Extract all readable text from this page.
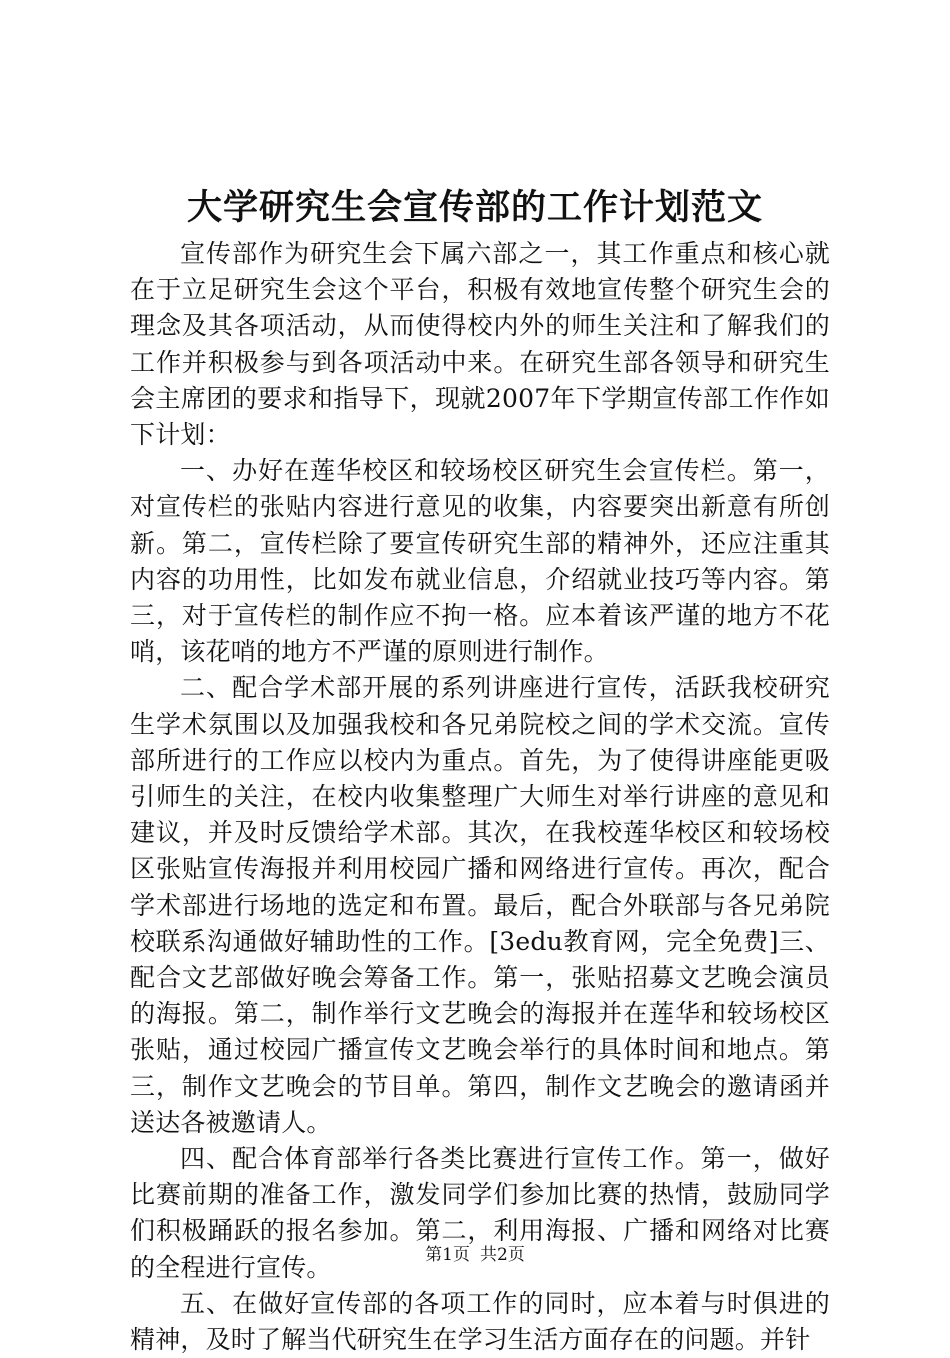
大学研究生会宣传部的工作计划范文

宣传部作为研究生会下属六部之一，其工作重点和核心就在于立足研究生会这个平台，积极有效地宣传整个研究生会的理念及其各项活动，从而使得校内外的师生关注和了解我们的工作并积极参与到各项活动中来。在研究生部各领导和研究生会主席团的要求和指导下，现就2007年下学期宣传部工作作如下计划：

一、办好在莲华校区和较场校区研究生会宣传栏。第一，对宣传栏的张贴内容进行意见的收集，内容要突出新意有所创新。第二，宣传栏除了要宣传研究生部的精神外，还应注重其内容的功用性，比如发布就业信息，介绍就业技巧等内容。第三，对于宣传栏的制作应不拘一格。应本着该严谨的地方不花哨，该花哨的地方不严谨的原则进行制作。

二、配合学术部开展的系列讲座进行宣传，活跃我校研究生学术氛围以及加强我校和各兄弟院校之间的学术交流。宣传部所进行的工作应以校内为重点。首先，为了使得讲座能更吸引师生的关注，在校内收集整理广大师生对举行讲座的意见和建议，并及时反馈给学术部。其次，在我校莲华校区和较场校区张贴宣传海报并利用校园广播和网络进行宣传。再次，配合学术部进行场地的选定和布置。最后，配合外联部与各兄弟院校联系沟通做好辅助性的工作。[3edu教育网，完全免费]三、配合文艺部做好晚会筹备工作。第一，张贴招募文艺晚会演员的海报。第二，制作举行文艺晚会的海报并在莲华和较场校区张贴，通过校园广播宣传文艺晚会举行的具体时间和地点。第三，制作文艺晚会的节目单。第四，制作文艺晚会的邀请函并送达各被邀请人。

四、配合体育部举行各类比赛进行宣传工作。第一，做好比赛前期的准备工作，激发同学们参加比赛的热情，鼓励同学们积极踊跃的报名参加。第二，利用海报、广播和网络对比赛的全程进行宣传。

五、在做好宣传部的各项工作的同时，应本着与时俱进的精神，及时了解当代研究生在学习生活方面存在的问题。并针

第1页 共2页
